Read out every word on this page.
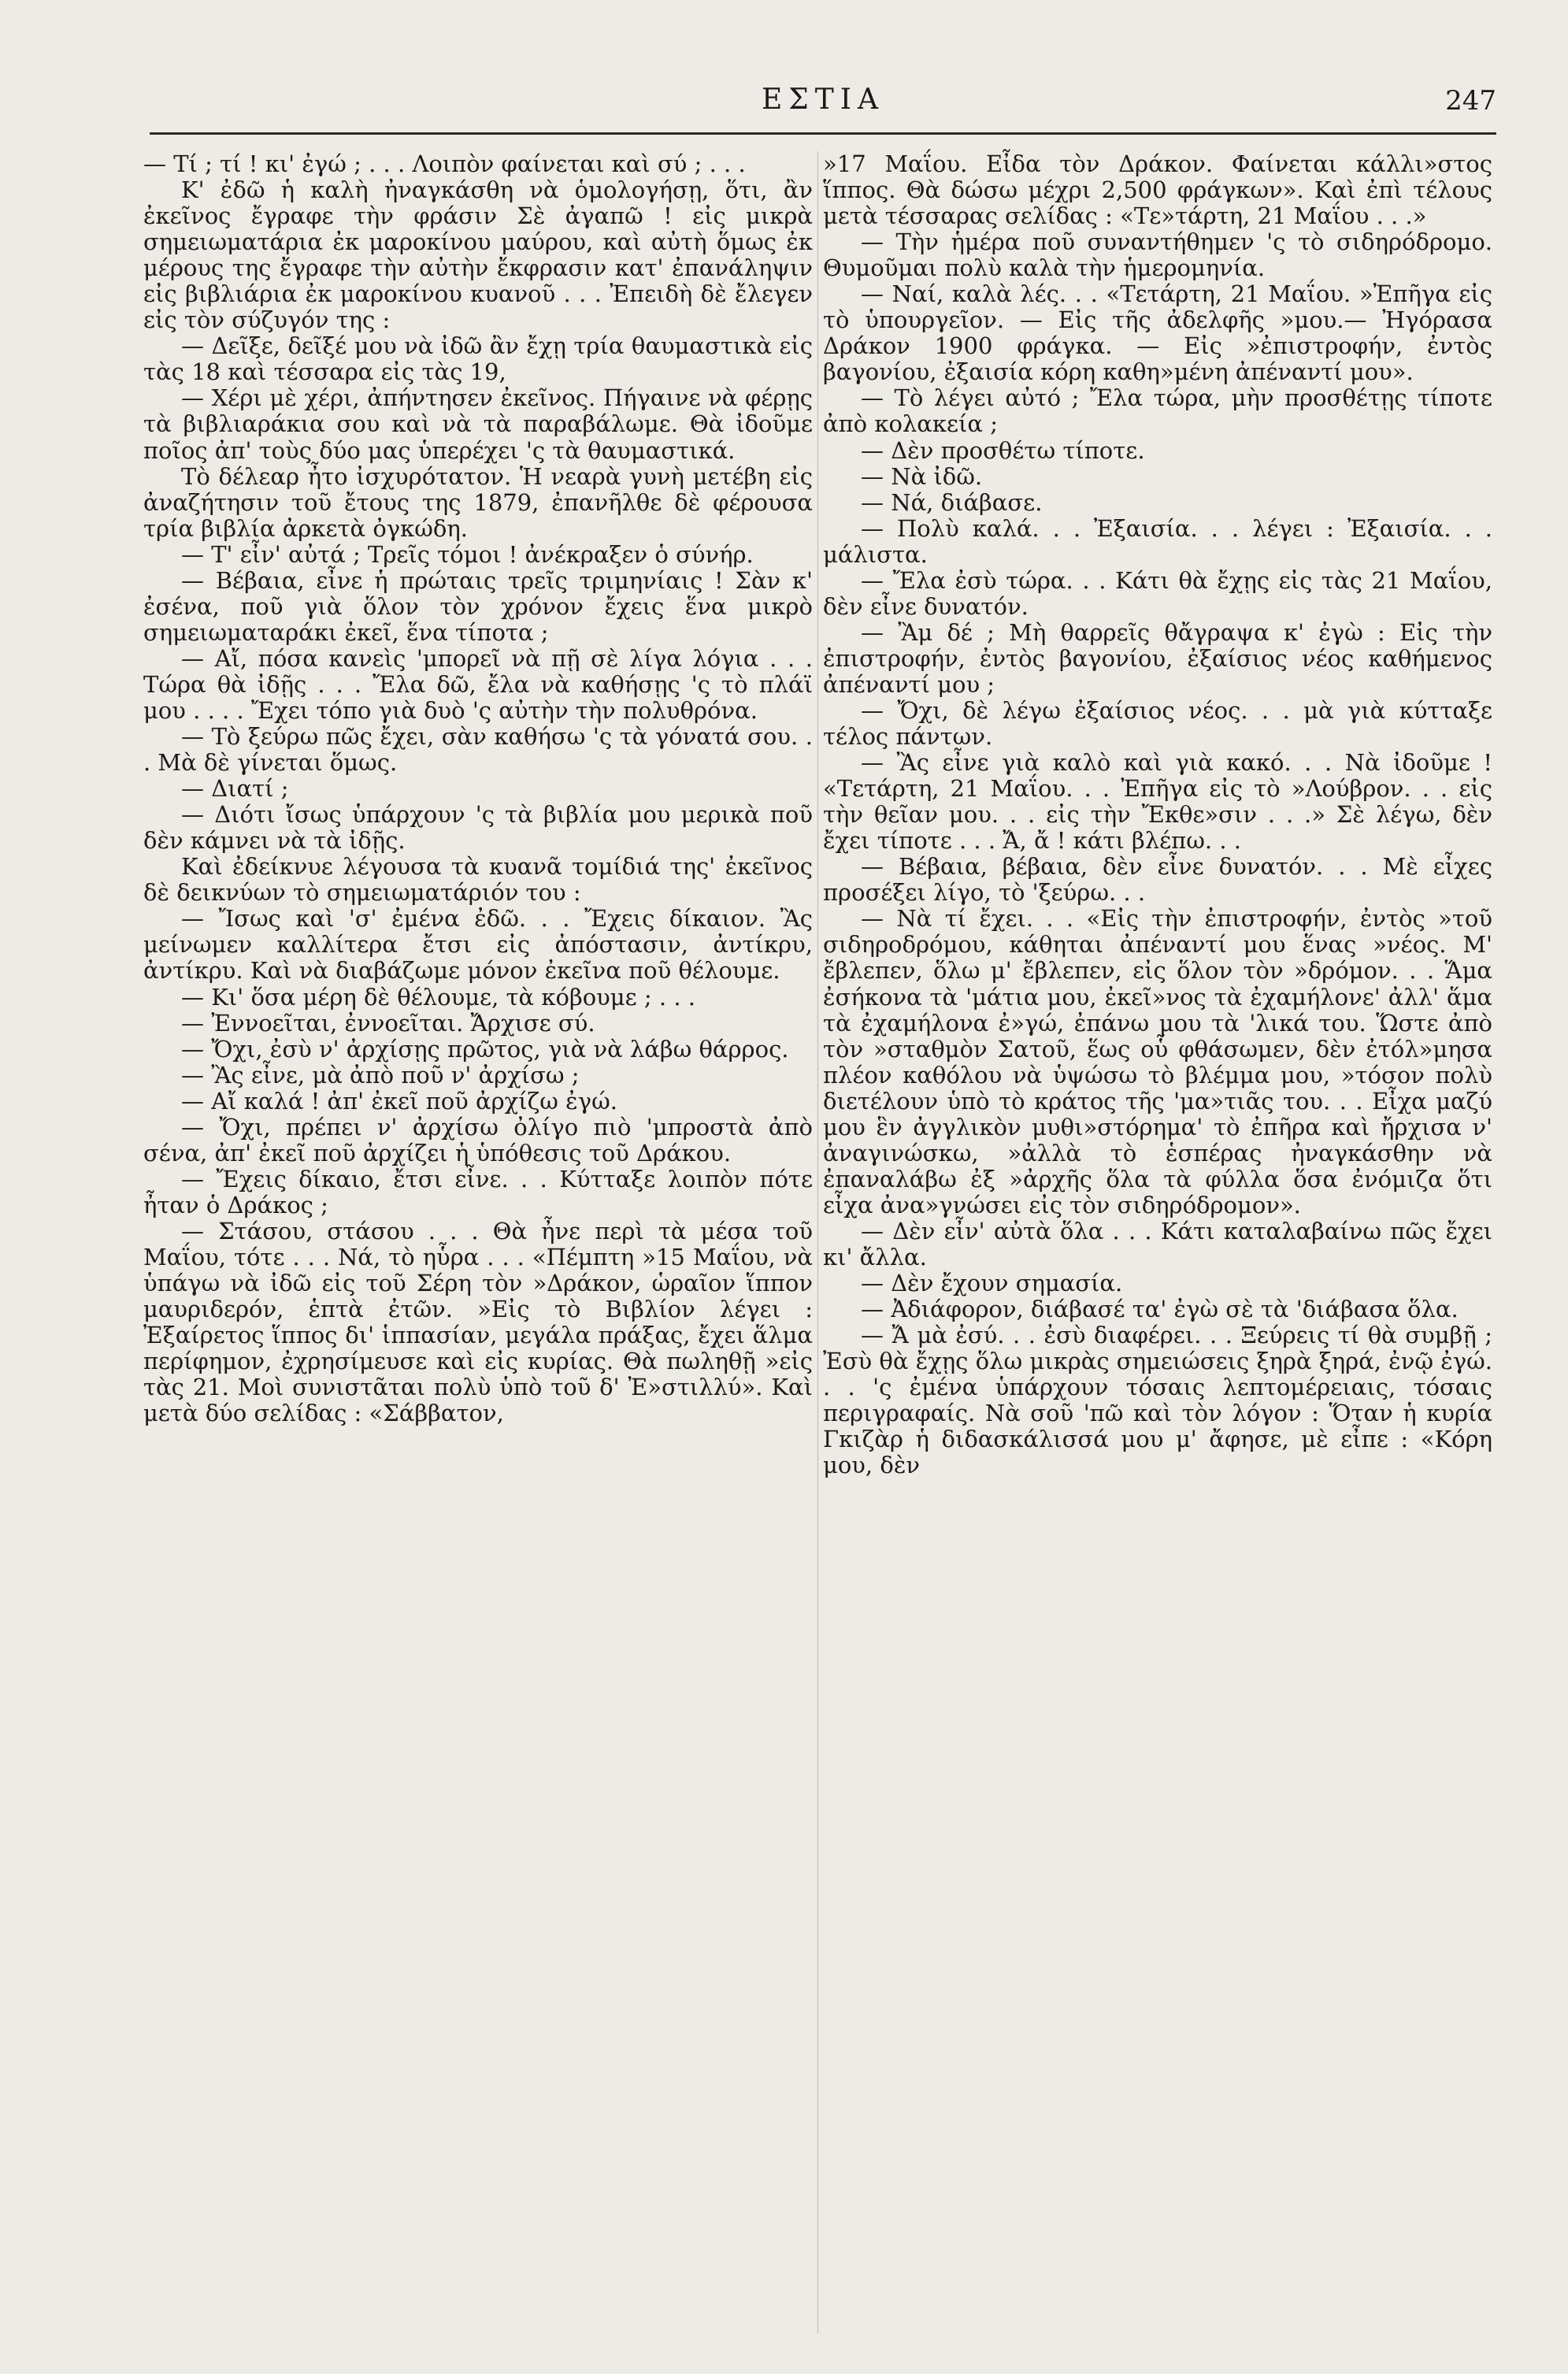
ΕΣΤΙΑ	247

— Τί ; τί ! κι' ἐγώ ; . . . Λοιπὸν φαίνεται καὶ σύ ; . . .

Κ' ἐδῶ ἡ καλὴ ἠναγκάσθη νὰ ὁμολογήσῃ, ὅτι, ἂν ἐκεῖνος ἔγραφε τὴν φράσιν Σὲ ἀγαπῶ ! εἰς μικρὰ σημειωματάρια ἐκ μαροκίνου μαύρου, καὶ αὐτὴ ὅμως ἐκ μέρους της ἔγραφε τὴν αὐτὴν ἔκφρασιν κατ' ἐπανάληψιν εἰς βιβλιάρια ἐκ μαροκίνου κυανοῦ . . . Ἐπειδὴ δὲ ἔλεγεν εἰς τὸν σύζυγόν της :

— Δεῖξε, δεῖξέ μου νὰ ἰδῶ ἂν ἔχῃ τρία θαυμαστικὰ εἰς τὰς 18 καὶ τέσσαρα εἰς τὰς 19,

— Χέρι μὲ χέρι, ἀπήντησεν ἐκεῖνος. Πήγαινε νὰ φέρῃς τὰ βιβλιαράκια σου καὶ νὰ τὰ παραβάλωμε. Θὰ ἰδοῦμε ποῖος ἀπ' τοὺς δύο μας ὑπερέχει 'ς τὰ θαυμαστικά.

Τὸ δέλεαρ ἦτο ἰσχυρότατον. Ἡ νεαρὰ γυνὴ μετέβη εἰς ἀναζήτησιν τοῦ ἔτους της 1879, ἐπανῆλθε δὲ φέρουσα τρία βιβλία ἀρκετὰ ὀγκώδη.

— Τ' εἶν' αὐτά ; Τρεῖς τόμοι ! ἀνέκραξεν ὁ σύνήρ.

— Βέβαια, εἶνε ἡ πρώταις τρεῖς τριμηνίαις ! Σὰν κ' ἐσένα, ποῦ γιὰ ὅλον τὸν χρόνον ἔχεις ἕνα μικρὸ σημειωματαράκι ἐκεῖ, ἕνα τίποτα ;

— Αἴ, πόσα κανεὶς 'μπορεῖ νὰ πῇ σὲ λίγα λόγια . . . Τώρα θὰ ἰδῇς . . . Ἔλα δῶ, ἔλα νὰ καθήσῃς 'ς τὸ πλάϊ μου . . . . Ἔχει τόπο γιὰ δυὸ 'ς αὐτὴν τὴν πολυθρόνα.

— Τὸ ξεύρω πῶς ἔχει, σὰν καθήσω 'ς τὰ γόνατά σου. . . Μὰ δὲ γίνεται ὅμως.

— Διατί ;

— Διότι ἴσως ὑπάρχουν 'ς τὰ βιβλία μου μερικὰ ποῦ δὲν κάμνει νὰ τὰ ἰδῇς.

Καὶ ἐδείκνυε λέγουσα τὰ κυανᾶ τομίδιά της' ἐκεῖνος δὲ δεικνύων τὸ σημειωματάριόν του :

— Ἴσως καὶ 'σ' ἐμένα ἐδῶ. . . Ἔχεις δίκαιον. Ἂς μείνωμεν καλλίτερα ἔτσι εἰς ἀπόστασιν, ἀντίκρυ, ἀντίκρυ. Καὶ νὰ διαβάζωμε μόνον ἐκεῖνα ποῦ θέλουμε.

— Κι' ὅσα μέρη δὲ θέλουμε, τὰ κόβουμε ; . . .

— Ἐννοεῖται, ἐννοεῖται. Ἄρχισε σύ.

— Ὄχι, ἐσὺ ν' ἀρχίσῃς πρῶτος, γιὰ νὰ λάβω θάρρος.

— Ἂς εἶνε, μὰ ἀπὸ ποῦ ν' ἀρχίσω ;

— Αἴ καλά ! ἀπ' ἐκεῖ ποῦ ἀρχίζω ἐγώ.

— Ὄχι, πρέπει ν' ἀρχίσω ὀλίγο πιὸ 'μπροστὰ ἀπὸ σένα, ἀπ' ἐκεῖ ποῦ ἀρχίζει ἡ ὑπόθεσις τοῦ Δράκου.

— Ἔχεις δίκαιο, ἔτσι εἶνε. . . Κύτταξε λοιπὸν πότε ἦταν ὁ Δράκος ;

— Στάσου, στάσου . . . Θὰ ἦνε περὶ τὰ μέσα τοῦ Μαΐου, τότε . . . Νά, τὸ ηὗρα . . . «Πέμπτη »15 Μαΐου, νὰ ὑπάγω νὰ ἰδῶ εἰς τοῦ Σέρη τὸν »Δράκον, ὡραῖον ἵππον μαυριδερόν, ἑπτὰ ἐτῶν. »Εἰς τὸ Βιβλίον λέγει : Ἐξαίρετος ἵππος δι' ἱππασίαν, μεγάλα πράξας, ἔχει ἅλμα περίφημον, ἐχρησίμευσε καὶ εἰς κυρίας. Θὰ πωληθῇ »εἰς τὰς 21. Μοὶ συνιστᾶται πολὺ ὑπὸ τοῦ δ' Ἐ»στιλλύ». Καὶ μετὰ δύο σελίδας : «Σάββατον,

»17 Μαΐου. Εἶδα τὸν Δράκον. Φαίνεται κάλλι»στος ἵππος. Θὰ δώσω μέχρι 2,500 φράγκων». Καὶ ἐπὶ τέλους μετὰ τέσσαρας σελίδας : «Τε»τάρτη, 21 Μαΐου . . .»

— Τὴν ἡμέρα ποῦ συναντήθημεν 'ς τὸ σιδηρόδρομο. Θυμοῦμαι πολὺ καλὰ τὴν ἡμερομηνία.

— Ναί, καλὰ λές. . . «Τετάρτη, 21 Μαΐου. »Ἐπῆγα εἰς τὸ ὑπουργεῖον. — Εἰς τῆς ἀδελφῆς »μου.— Ἠγόρασα Δράκον 1900 φράγκα. — Εἰς »ἐπιστροφήν, ἐντὸς βαγονίου, ἐξαισία κόρη καθη»μένη ἀπέναντί μου».

— Τὸ λέγει αὐτό ; Ἔλα τώρα, μὴν προσθέτῃς τίποτε ἀπὸ κολακεία ;

— Δὲν προσθέτω τίποτε.

— Νὰ ἰδῶ.

— Νά, διάβασε.

— Πολὺ καλά. . . Ἐξαισία. . . λέγει : Ἐξαισία. . . μάλιστα.

— Ἔλα ἐσὺ τώρα. . . Κάτι θὰ ἔχῃς εἰς τὰς 21 Μαΐου, δὲν εἶνε δυνατόν.

— Ἂμ δέ ; Μὴ θαρρεῖς θἄγραψα κ' ἐγὼ : Εἰς τὴν ἐπιστροφήν, ἐντὸς βαγονίου, ἐξαίσιος νέος καθήμενος ἀπέναντί μου ;

— Ὄχι, δὲ λέγω ἐξαίσιος νέος. . . μὰ γιὰ κύτταξε τέλος πάντων.

— Ἂς εἶνε γιὰ καλὸ καὶ γιὰ κακό. . . Νὰ ἰδοῦμε ! «Τετάρτη, 21 Μαΐου. . . Ἐπῆγα εἰς τὸ »Λούβρον. . . εἰς τὴν θεῖαν μου. . . εἰς τὴν Ἔκθε»σιν . . .» Σὲ λέγω, δὲν ἔχει τίποτε . . . Ἄ, ἄ ! κάτι βλέπω. . .

— Βέβαια, βέβαια, δὲν εἶνε δυνατόν. . . Μὲ εἶχες προσέξει λίγο, τὸ 'ξεύρω. . .

— Νὰ τί ἔχει. . . «Εἰς τὴν ἐπιστροφήν, ἐντὸς »τοῦ σιδηροδρόμου, κάθηται ἀπέναντί μου ἕνας »νέος. Μ' ἔβλεπεν, ὅλω μ' ἔβλεπεν, εἰς ὅλον τὸν »δρόμον. . . Ἅμα ἐσήκονα τὰ 'μάτια μου, ἐκεῖ»νος τὰ ἐχαμήλονε' ἀλλ' ἅμα τὰ ἐχαμήλονα ἐ»γώ, ἐπάνω μου τὰ 'λικά του. Ὥστε ἀπὸ τὸν »σταθμὸν Σατοῦ, ἕως οὗ φθάσωμεν, δὲν ἐτόλ»μησα πλέον καθόλου νὰ ὑψώσω τὸ βλέμμα μου, »τόσον πολὺ διετέλουν ὑπὸ τὸ κράτος τῆς 'μα»τιᾶς του. . . Εἶχα μαζύ μου ἓν ἀγγλικὸν μυθι»στόρημα' τὸ ἐπῆρα καὶ ἤρχισα ν' ἀναγινώσκω, »ἀλλὰ τὸ ἑσπέρας ἠναγκάσθην νὰ ἐπαναλάβω ἐξ »ἀρχῆς ὅλα τὰ φύλλα ὅσα ἐνόμιζα ὅτι εἶχα ἀνα»γνώσει εἰς τὸν σιδηρόδρομον».

— Δὲν εἶν' αὐτὰ ὅλα . . . Κάτι καταλαβαίνω πῶς ἔχει κι' ἄλλα.

— Δὲν ἔχουν σημασία.

— Ἀδιάφορον, διάβασέ τα' ἐγὼ σὲ τὰ 'διάβασα ὅλα.

— Ἄ μὰ ἐσύ. . . ἐσὺ διαφέρει. . . Ξεύρεις τί θὰ συμβῇ ; Ἐσὺ θὰ ἔχῃς ὅλω μικρὰς σημειώσεις ξηρὰ ξηρά, ἐνῷ ἐγώ. . . 'ς ἐμένα ὑπάρχουν τόσαις λεπτομέρειαις, τόσαις περιγραφαίς. Νὰ σοῦ 'πῶ καὶ τὸν λόγον : Ὅταν ἡ κυρία Γκιζὰρ ἡ διδασκάλισσά μου μ' ἄφησε, μὲ εἶπε : «Κόρη μου, δὲν
